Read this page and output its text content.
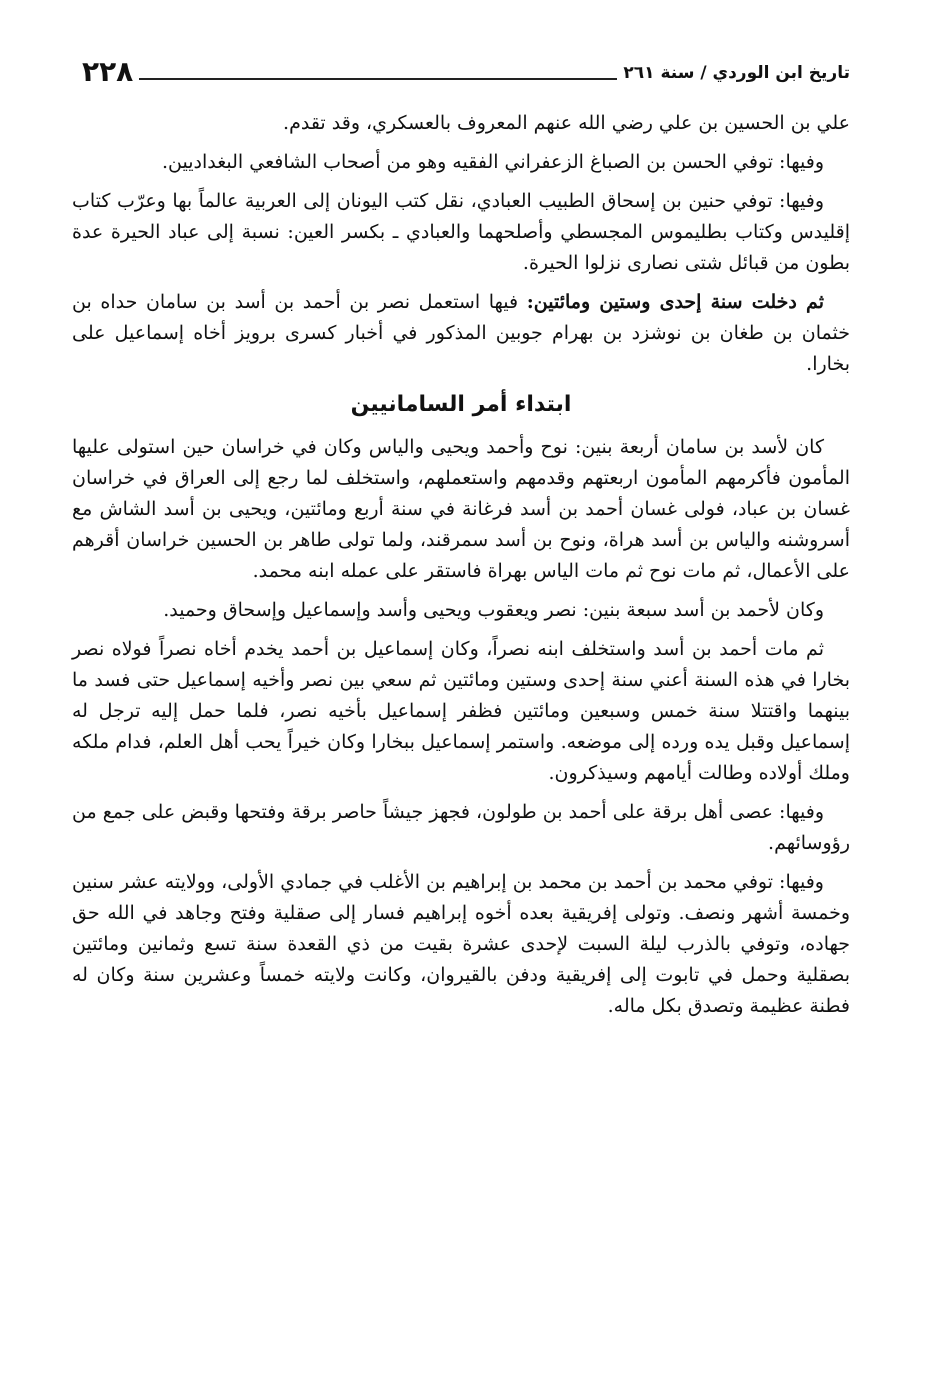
تاريخ ابن الوردي / سنة ٢٦١
٢٢٨

علي بن الحسين بن علي رضي الله عنهم المعروف بالعسكري، وقد تقدم.

وفيها: توفي الحسن بن الصباغ الزعفراني الفقيه وهو من أصحاب الشافعي البغداديين.

وفيها: توفي حنين بن إسحاق الطبيب العبادي، نقل كتب اليونان إلى العربية عالماً بها وعرّب كتاب إقليدس وكتاب بطليموس المجسطي وأصلحهما والعبادي ـ بكسر العين: نسبة إلى عباد الحيرة عدة بطون من قبائل شتى نصارى نزلوا الحيرة.

ثم دخلت سنة إحدى وستين ومائتين: فيها استعمل نصر بن أحمد بن أسد بن سامان حداه بن خثمان بن طغان بن نوشزد بن بهرام جوبين المذكور في أخبار كسرى برويز أخاه إسماعيل على بخارا.

ابتداء أمر السامانيين

كان لأسد بن سامان أربعة بنين: نوح وأحمد ويحيى والياس وكان في خراسان حين استولى عليها المأمون فأكرمهم المأمون اربعتهم وقدمهم واستعملهم، واستخلف لما رجع إلى العراق في خراسان غسان بن عباد، فولى غسان أحمد بن أسد فرغانة في سنة أربع ومائتين، ويحيى بن أسد الشاش مع أسروشنه والياس بن أسد هراة، ونوح بن أسد سمرقند، ولما تولى طاهر بن الحسين خراسان أقرهم على الأعمال، ثم مات نوح ثم مات الياس بهراة فاستقر على عمله ابنه محمد.

وكان لأحمد بن أسد سبعة بنين: نصر ويعقوب ويحيى وأسد وإسماعيل وإسحاق وحميد.

ثم مات أحمد بن أسد واستخلف ابنه نصراً، وكان إسماعيل بن أحمد يخدم أخاه نصراً فولاه نصر بخارا في هذه السنة أعني سنة إحدى وستين ومائتين ثم سعي بين نصر وأخيه إسماعيل حتى فسد ما بينهما واقتتلا سنة خمس وسبعين ومائتين فظفر إسماعيل بأخيه نصر، فلما حمل إليه ترجل له إسماعيل وقبل يده ورده إلى موضعه. واستمر إسماعيل ببخارا وكان خيراً يحب أهل العلم، فدام ملكه وملك أولاده وطالت أيامهم وسيذكرون.

وفيها: عصى أهل برقة على أحمد بن طولون، فجهز جيشاً حاصر برقة وفتحها وقبض على جمع من رؤوسائهم.

وفيها: توفي محمد بن أحمد بن محمد بن إبراهيم بن الأغلب في جمادي الأولى، وولايته عشر سنين وخمسة أشهر ونصف. وتولى إفريقية بعده أخوه إبراهيم فسار إلى صقلية وفتح وجاهد في الله حق جهاده، وتوفي بالذرب ليلة السبت لإحدى عشرة بقيت من ذي القعدة سنة تسع وثمانين ومائتين بصقلية وحمل في تابوت إلى إفريقية ودفن بالقيروان، وكانت ولايته خمساً وعشرين سنة وكان له فطنة عظيمة وتصدق بكل ماله.
